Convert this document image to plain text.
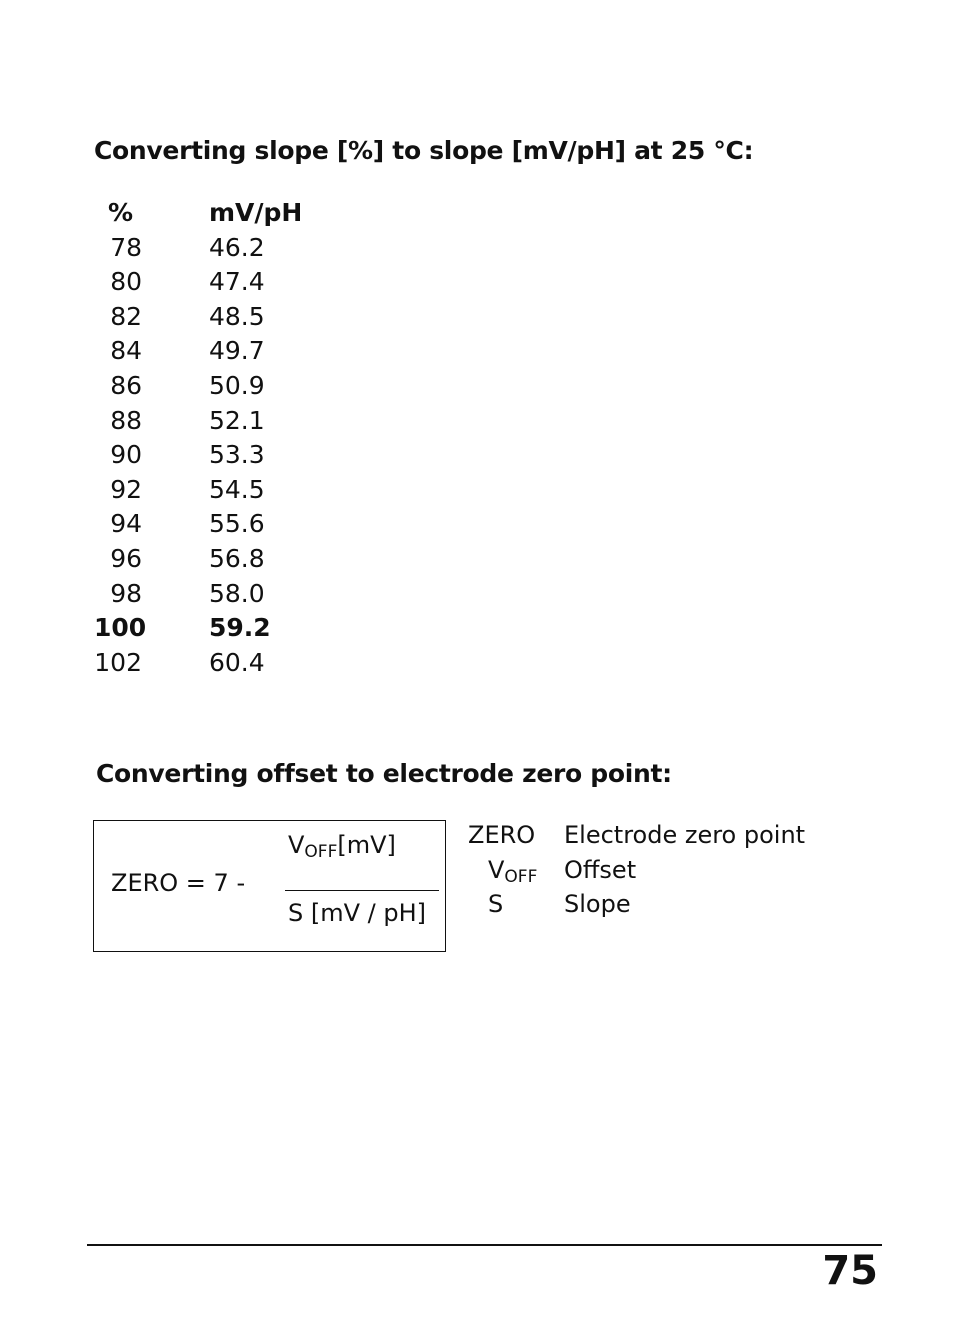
Converting slope [%] to slope [mV/pH] at 25 °C:
%	mV/pH
78	46.2
80	47.4
82	48.5
84	49.7
86	50.9
88	52.1
90	53.3
92	54.5
94	55.6
96	56.8
98	58.0
100	59.2
102	60.4
Converting offset to electrode zero point:
ZERO = 7 -
$V_{OFF}[mV]$
S [mV / pH]
ZERO Electrode zero point
$V_{OFF}$ Offset
S	Slope
75
